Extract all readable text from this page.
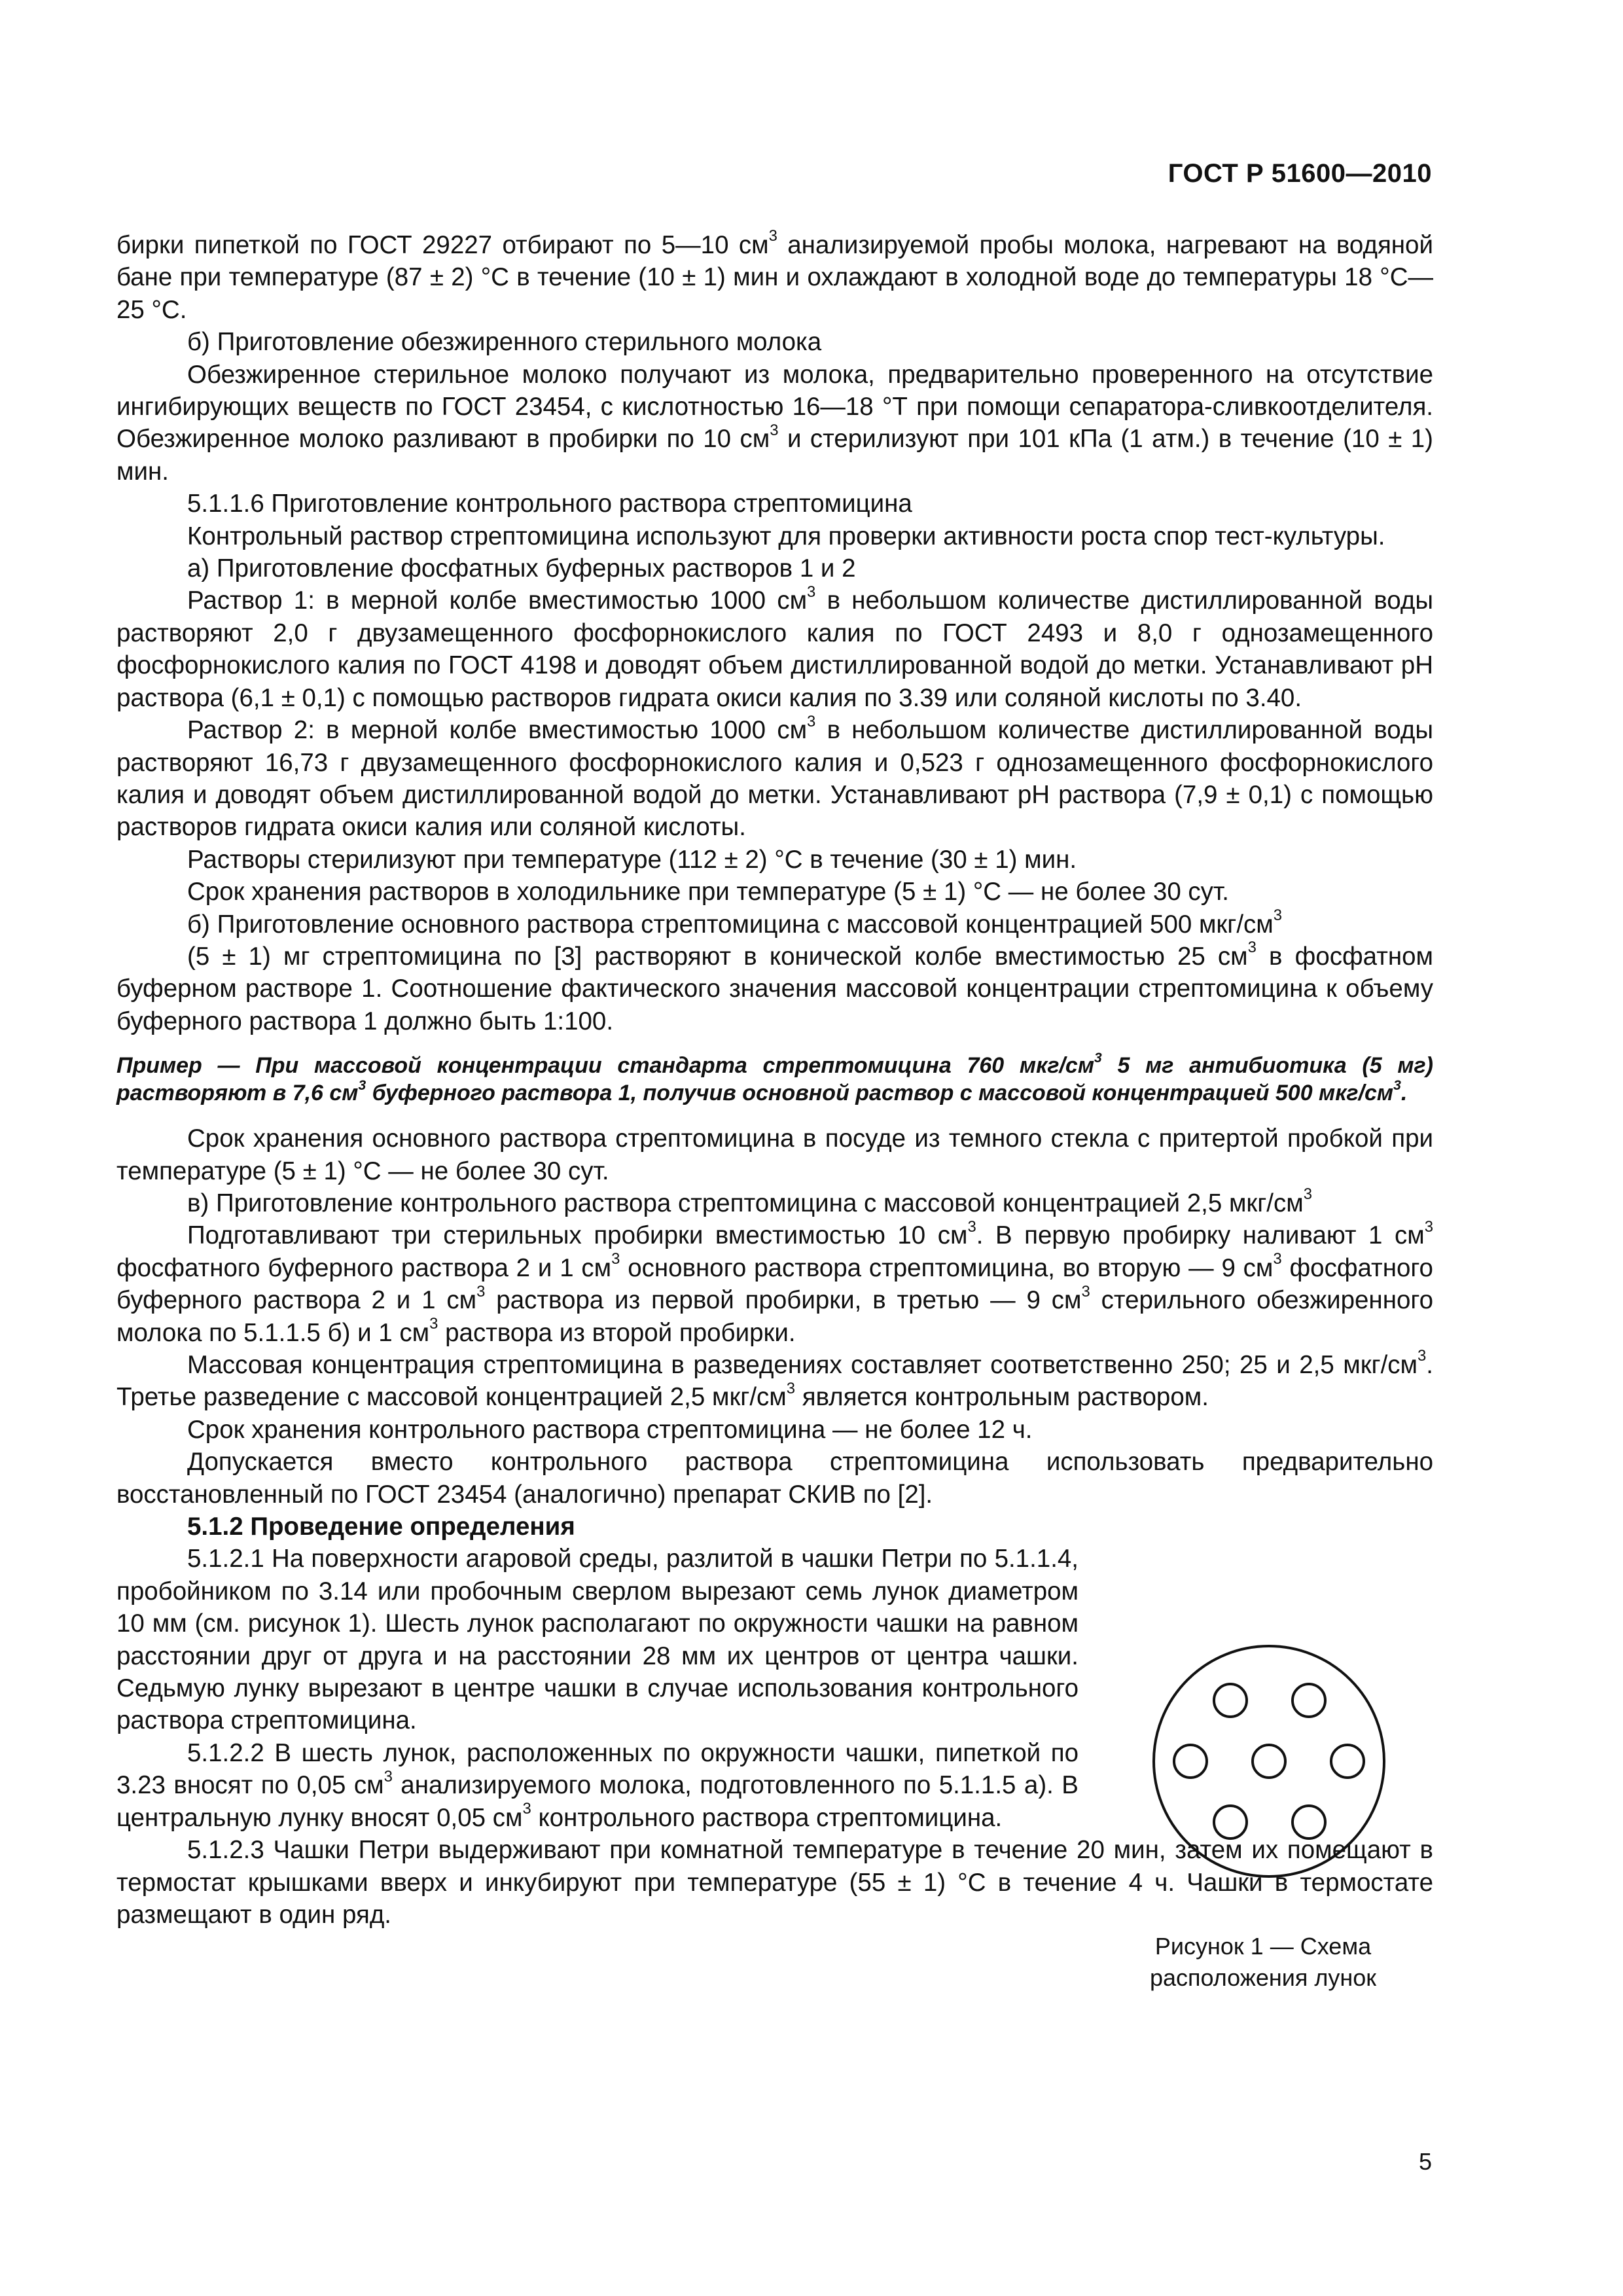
ГОСТ Р 51600—2010

бирки пипеткой по ГОСТ 29227 отбирают по 5—10 $см^3$ анализируемой пробы молока, нагревают на водяной бане при температуре (87 ± 2) °С в течение (10 ± 1) мин и охлаждают в холодной воде до температуры 18 °С—25 °С.

б) Приготовление обезжиренного стерильного молока

Обезжиренное стерильное молоко получают из молока, предварительно проверенного на отсутствие ингибирующих веществ по ГОСТ 23454, с кислотностью 16—18 °Т при помощи сепаратора-сливкоотделителя. Обезжиренное молоко разливают в пробирки по 10 $см^3$ и стерилизуют при 101 кПа (1 атм.) в течение (10 ± 1) мин.

5.1.1.6 Приготовление контрольного раствора стрептомицина

Контрольный раствор стрептомицина используют для проверки активности роста спор тест-культуры.

а) Приготовление фосфатных буферных растворов 1 и 2

Раствор 1: в мерной колбе вместимостью 1000 $см^3$ в небольшом количестве дистиллированной воды растворяют 2,0 г двузамещенного фосфорнокислого калия по ГОСТ 2493 и 8,0 г однозамещенного фосфорнокислого калия по ГОСТ 4198 и доводят объем дистиллированной водой до метки. Устанавливают pH раствора (6,1 ± 0,1) с помощью растворов гидрата окиси калия по 3.39 или соляной кислоты по 3.40.

Раствор 2: в мерной колбе вместимостью 1000 $см^3$ в небольшом количестве дистиллированной воды растворяют 16,73 г двузамещенного фосфорнокислого калия и 0,523 г однозамещенного фосфорнокислого калия и доводят объем дистиллированной водой до метки. Устанавливают pH раствора (7,9 ± 0,1) с помощью растворов гидрата окиси калия или соляной кислоты.

Растворы стерилизуют при температуре (112 ± 2) °С в течение (30 ± 1) мин.

Срок хранения растворов в холодильнике при температуре (5 ± 1) °С — не более 30 сут.

б) Приготовление основного раствора стрептомицина с массовой концентрацией 500 мкг/$см^3$

(5 ± 1) мг стрептомицина по [3] растворяют в конической колбе вместимостью 25 $см^3$ в фосфатном буферном растворе 1. Соотношение фактического значения массовой концентрации стрептомицина к объему буферного раствора 1 должно быть 1:100.

Пример — При массовой концентрации стандарта стрептомицина 760 мкг/$см^3$ 5 мг антибиотика (5 мг) растворяют в 7,6 $см^3$ буферного раствора 1, получив основной раствор с массовой концентрацией 500 мкг/$см^3$.

Срок хранения основного раствора стрептомицина в посуде из темного стекла с притертой пробкой при температуре (5 ± 1) °С — не более 30 сут.

в) Приготовление контрольного раствора стрептомицина с массовой концентрацией 2,5 мкг/$см^3$

Подготавливают три стерильных пробирки вместимостью 10 $см^3$. В первую пробирку наливают 1 $см^3$ фосфатного буферного раствора 2 и 1 $см^3$ основного раствора стрептомицина, во вторую — 9 $см^3$ фосфатного буферного раствора 2 и 1 $см^3$ раствора из первой пробирки, в третью — 9 $см^3$ стерильного обезжиренного молока по 5.1.1.5 б) и 1 $см^3$ раствора из второй пробирки.

Массовая концентрация стрептомицина в разведениях составляет соответственно 250; 25 и 2,5 мкг/$см^3$. Третье разведение с массовой концентрацией 2,5 мкг/$см^3$ является контрольным раствором.

Срок хранения контрольного раствора стрептомицина — не более 12 ч.

Допускается вместо контрольного раствора стрептомицина использовать предварительно восстановленный по ГОСТ 23454 (аналогично) препарат СКИВ по [2].

5.1.2 Проведение определения

5.1.2.1 На поверхности агаровой среды, разлитой в чашки Петри по 5.1.1.4, пробойником по 3.14 или пробочным сверлом вырезают семь лунок диаметром 10 мм (см. рисунок 1). Шесть лунок располагают по окружности чашки на равном расстоянии друг от друга и на расстоянии 28 мм их центров от центра чашки. Седьмую лунку вырезают в центре чашки в случае использования контрольного раствора стрептомицина.

5.1.2.2 В шесть лунок, расположенных по окружности чашки, пипеткой по 3.23 вносят по 0,05 $см^3$ анализируемого молока, подготовленного по 5.1.1.5 а). В центральную лунку вносят 0,05 $см^3$ контрольного раствора стрептомицина.

5.1.2.3 Чашки Петри выдерживают при комнатной температуре в течение 20 мин, затем их помещают в термостат крышками вверх и инкубируют при температуре (55 ± 1) °С в течение 4 ч. Чашки в термостате размещают в один ряд.

Рисунок 1 — Схема расположения лунок
5
